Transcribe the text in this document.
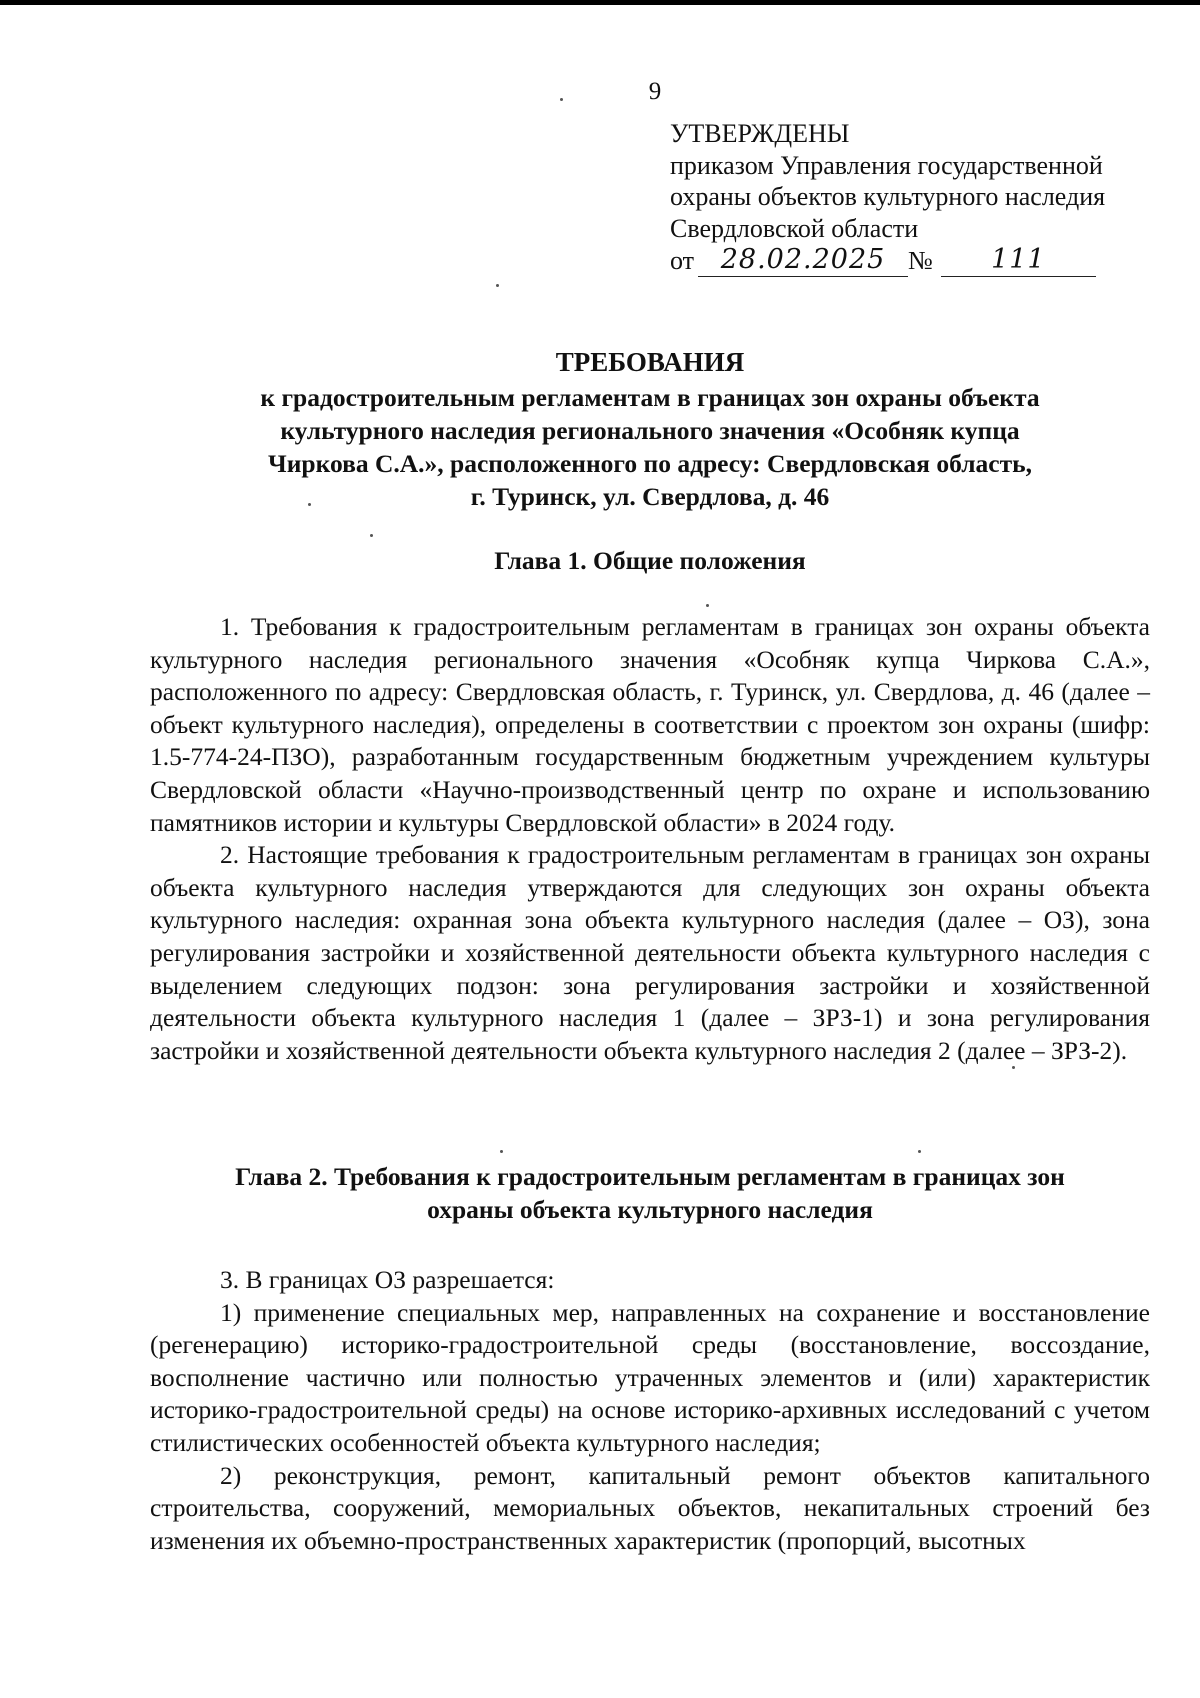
9
УТВЕРЖДЕНЫ
приказом Управления государственной
охраны объектов культурного наследия
Свердловской области
от 28.02.2025 №	111
ТРЕБОВАНИЯ
к градостроительным регламентам в границах зон охраны объекта
культурного наследия регионального значения «Особняк купца
Чиркова С.А.», расположенного по адресу: Свердловская область,
г. Туринск, ул. Свердлова, д. 46
Глава 1. Общие положения

1. Требования к градостроительным регламентам в границах зон охраны объекта культурного наследия регионального значения «Особняк купца Чиркова С.А.», расположенного по адресу: Свердловская область, г. Туринск, ул. Свердлова, д. 46 (далее – объект культурного наследия), определены в соответствии с проектом зон охраны (шифр: 1.5-774-24-ПЗО), разработанным государственным бюджетным учреждением культуры Свердловской области «Научно-производственный центр по охране и использованию памятников истории и культуры Свердловской области» в 2024 году.

2. Настоящие требования к градостроительным регламентам в границах зон охраны объекта культурного наследия утверждаются для следующих зон охраны объекта культурного наследия: охранная зона объекта культурного наследия (далее – ОЗ), зона регулирования застройки и хозяйственной деятельности объекта культурного наследия с выделением следующих подзон: зона регулирования застройки и хозяйственной деятельности объекта культурного наследия 1 (далее – ЗРЗ-1) и зона регулирования застройки и хозяйственной деятельности объекта культурного наследия 2 (далее – ЗРЗ-2).

Глава 2. Требования к градостроительным регламентам в границах зон
охраны объекта культурного наследия

3. В границах ОЗ разрешается:

1) применение специальных мер, направленных на сохранение и восстановление (регенерацию) историко-градостроительной среды (восстановление, воссоздание, восполнение частично или полностью утраченных элементов и (или) характеристик историко-градостроительной среды) на основе историко-архивных исследований с учетом стилистических особенностей объекта культурного наследия;

2) реконструкция, ремонт, капитальный ремонт объектов капитального строительства, сооружений, мемориальных объектов, некапитальных строений без изменения их объемно-пространственных характеристик (пропорций, высотных
